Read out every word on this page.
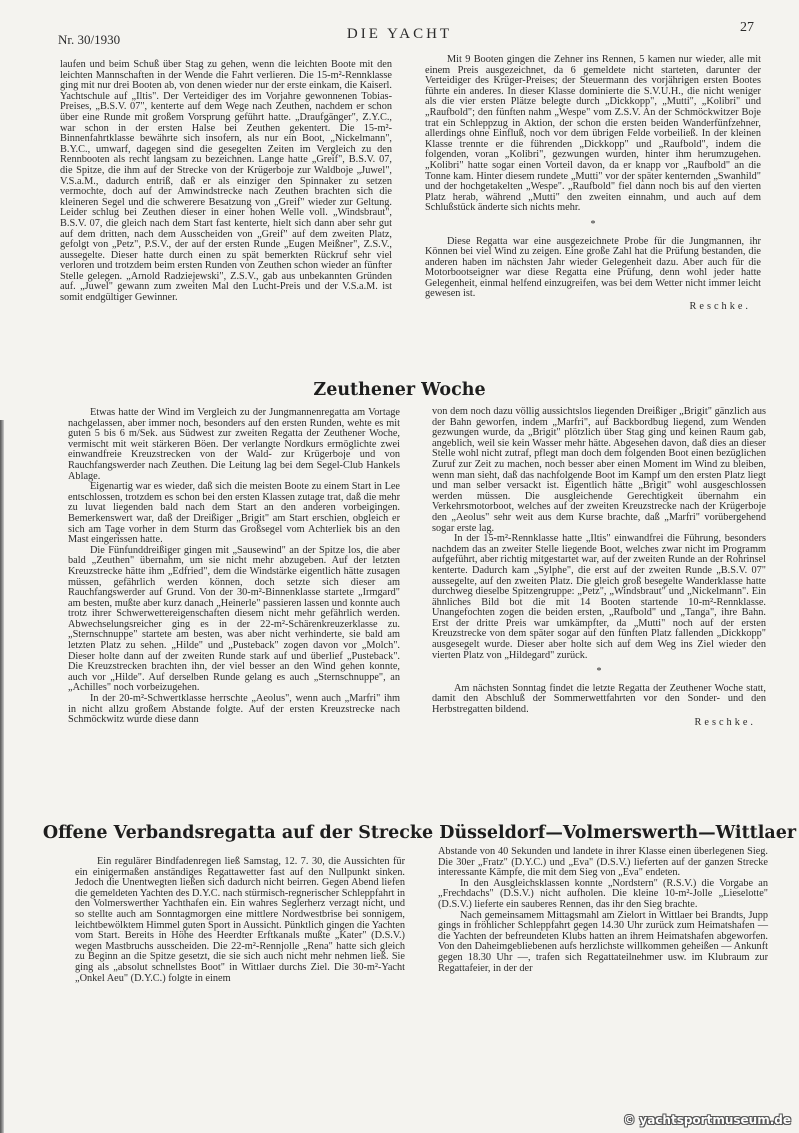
Nr. 30/1930	DIE YACHT	27

laufen und beim Schuß über Stag zu gehen, wenn die leichten Boote mit den leichten Mannschaften in der Wende die Fahrt verlieren. Die 15-m²-Rennklasse ging mit nur drei Booten ab, von denen wieder nur der erste einkam, die Kaiserl. Yachtschule auf „Iltis". Der Verteidiger des im Vorjahre gewonnenen Tobias-Preises, „B.S.V. 07", kenterte auf dem Wege nach Zeuthen, nachdem er schon über eine Runde mit großem Vorsprung geführt hatte. „Draufgänger", Z.Y.C., war schon in der ersten Halse bei Zeuthen gekentert. Die 15-m²-Binnenfahrtklasse bewährte sich insofern, als nur ein Boot, „Nickelmann", B.Y.C., umwarf, dagegen sind die gesegelten Zeiten im Vergleich zu den Rennbooten als recht langsam zu bezeichnen. Lange hatte „Greif", B.S.V. 07, die Spitze, die ihm auf der Strecke von der Krügerboje zur Waldboje „Juwel", V.S.a.M., dadurch entriß, daß er als einziger den Spinnaker zu setzen vermochte, doch auf der Amwindstrecke nach Zeuthen brachten sich die kleineren Segel und die schwerere Besatzung von „Greif" wieder zur Geltung. Leider schlug bei Zeuthen dieser in einer hohen Welle voll. „Windsbraut", B.S.V. 07, die gleich nach dem Start fast kenterte, hielt sich dann aber sehr gut auf dem dritten, nach dem Ausscheiden von „Greif" auf dem zweiten Platz, gefolgt von „Petz", P.S.V., der auf der ersten Runde „Eugen Meißner", Z.S.V., aussegelte. Dieser hatte durch einen zu spät bemerkten Rückruf sehr viel verloren und trotzdem beim ersten Runden von Zeuthen schon wieder an fünfter Stelle gelegen. „Arnold Radziejewski", Z.S.V., gab aus unbekannten Gründen auf. „Juwel" gewann zum zweiten Mal den Lucht-Preis und der V.S.a.M. ist somit endgültiger Gewinner.

Mit 9 Booten gingen die Zehner ins Rennen, 5 kamen nur wieder, alle mit einem Preis ausgezeichnet, da 6 gemeldete nicht starteten, darunter der Verteidiger des Krüger-Preises; der Steuermann des vorjährigen ersten Bootes führte ein anderes. In dieser Klasse dominierte die S.V.U.H., die nicht weniger als die vier ersten Plätze belegte durch „Dickkopp", „Mutti", „Kolibri" und „Raufbold"; den fünften nahm „Wespe" vom Z.S.V. An der Schmöckwitzer Boje trat ein Schleppzug in Aktion, der schon die ersten beiden Wanderfünfzehner, allerdings ohne Einfluß, noch vor dem übrigen Felde vorbeiließ. In der kleinen Klasse trennte er die führenden „Dickkopp" und „Raufbold", indem die folgenden, voran „Kolibri", gezwungen wurden, hinter ihm herumzugehen. „Kolibri" hatte sogar einen Vorteil davon, da er knapp vor „Raufbold" an die Tonne kam. Hinter diesem rundete „Mutti" vor der später kenternden „Swanhild" und der hochgetakelten „Wespe". „Raufbold" fiel dann noch bis auf den vierten Platz herab, während „Mutti" den zweiten einnahm, und auch auf dem Schlußstück änderte sich nichts mehr.

*

Diese Regatta war eine ausgezeichnete Probe für die Jungmannen, ihr Können bei viel Wind zu zeigen. Eine große Zahl hat die Prüfung bestanden, die anderen haben im nächsten Jahr wieder Gelegenheit dazu. Aber auch für die Motorbootseigner war diese Regatta eine Prüfung, denn wohl jeder hatte Gelegenheit, einmal helfend einzugreifen, was bei dem Wetter nicht immer leicht gewesen ist.

Reschke.
Zeuthener Woche

Etwas hatte der Wind im Vergleich zu der Jungmannenregatta am Vortage nachgelassen, aber immer noch, besonders auf den ersten Runden, wehte es mit guten 5 bis 6 m/Sek. aus Südwest zur zweiten Regatta der Zeuthener Woche, vermischt mit weit stärkeren Böen. Der verlangte Nordkurs ermöglichte zwei einwandfreie Kreuzstrecken von der Wald- zur Krügerboje und von Rauchfangswerder nach Zeuthen. Die Leitung lag bei dem Segel-Club Hankels Ablage.

Eigenartig war es wieder, daß sich die meisten Boote zu einem Start in Lee entschlossen, trotzdem es schon bei den ersten Klassen zutage trat, daß die mehr zu luvat liegenden bald nach dem Start an den anderen vorbeigingen. Bemerkenswert war, daß der Dreißiger „Brigit" am Start erschien, obgleich er sich am Tage vorher in dem Sturm das Großsegel vom Achterliek bis an den Mast eingerissen hatte.

Die Fünfunddreißiger gingen mit „Sausewind" an der Spitze los, die aber bald „Zeuthen" übernahm, um sie nicht mehr abzugeben. Auf der letzten Kreuzstrecke hätte ihm „Edfried", dem die Windstärke eigentlich hätte zusagen müssen, gefährlich werden können, doch setzte sich dieser am Rauchfangswerder auf Grund. Von der 30-m²-Binnenklasse startete „Irmgard" am besten, mußte aber kurz danach „Heinerle" passieren lassen und konnte auch trotz ihrer Schwerwettereigenschaften diesem nicht mehr gefährlich werden. Abwechselungsreicher ging es in der 22-m²-Schärenkreuzerklasse zu. „Sternschnuppe" startete am besten, was aber nicht verhinderte, sie bald am letzten Platz zu sehen. „Hilde" und „Pusteback" zogen davon vor „Molch". Dieser holte dann auf der zweiten Runde stark auf und überlief „Pusteback". Die Kreuzstrecken brachten ihn, der viel besser an den Wind gehen konnte, auch vor „Hilde". Auf derselben Runde gelang es auch „Sternschnuppe", an „Achilles" noch vorbeizugehen.

In der 20-m²-Schwertklasse herrschte „Aeolus", wenn auch „Marfri" ihm in nicht allzu großem Abstande folgte. Auf der ersten Kreuzstrecke nach Schmöckwitz wurde diese dann

von dem noch dazu völlig aussichtslos liegenden Dreißiger „Brigit" gänzlich aus der Bahn geworfen, indem „Marfri", auf Backbordbug liegend, zum Wenden gezwungen wurde, da „Brigit" plötzlich über Stag ging und keinen Raum gab, angeblich, weil sie kein Wasser mehr hätte. Abgesehen davon, daß dies an dieser Stelle wohl nicht zutraf, pflegt man doch dem folgenden Boot einen bezüglichen Zuruf zur Zeit zu machen, noch besser aber einen Moment im Wind zu bleiben, wenn man sieht, daß das nachfolgende Boot im Kampf um den ersten Platz liegt und man selber versackt ist. Eigentlich hätte „Brigit" wohl ausgeschlossen werden müssen. Die ausgleichende Gerechtigkeit übernahm ein Verkehrsmotorboot, welches auf der zweiten Kreuzstrecke nach der Krügerboje den „Aeolus" sehr weit aus dem Kurse brachte, daß „Marfri" vorübergehend sogar erste lag.

In der 15-m²-Rennklasse hatte „Iltis" einwandfrei die Führung, besonders nachdem das an zweiter Stelle liegende Boot, welches zwar nicht im Programm aufgeführt, aber richtig mitgestartet war, auf der zweiten Runde an der Rohrinsel kenterte. Dadurch kam „Sylphe", die erst auf der zweiten Runde „B.S.V. 07" aussegelte, auf den zweiten Platz. Die gleich groß besegelte Wanderklasse hatte durchweg dieselbe Spitzengruppe: „Petz", „Windsbraut" und „Nickelmann". Ein ähnliches Bild bot die mit 14 Booten startende 10-m²-Rennklasse. Unangefochten zogen die beiden ersten, „Raufbold" und „Tanga", ihre Bahn. Erst der dritte Preis war umkämpfter, da „Mutti" noch auf der ersten Kreuzstrecke von dem später sogar auf den fünften Platz fallenden „Dickkopp" ausgesegelt wurde. Dieser aber holte sich auf dem Weg ins Ziel wieder den vierten Platz von „Hildegard" zurück.

*

Am nächsten Sonntag findet die letzte Regatta der Zeuthener Woche statt, damit den Abschluß der Sommerwettfahrten vor den Sonder- und den Herbstregatten bildend.

Reschke.
Offene Verbandsregatta auf der Strecke Düsseldorf—Volmerswerth—Wittlaer

Ein regulärer Bindfadenregen ließ Samstag, 12. 7. 30, die Aussichten für ein einigermaßen anständiges Regattawetter fast auf den Nullpunkt sinken. Jedoch die Unentwegten ließen sich dadurch nicht beirren. Gegen Abend liefen die gemeldeten Yachten des D.Y.C. nach stürmisch-regnerischer Schleppfahrt in den Volmerswerther Yachthafen ein. Ein wahres Seglerherz verzagt nicht, und so stellte auch am Sonntagmorgen eine mittlere Nordwestbrise bei sonnigem, leichtbewölktem Himmel guten Sport in Aussicht. Pünktlich gingen die Yachten vom Start. Bereits in Höhe des Heerdter Erftkanals mußte „Kater" (D.S.V.) wegen Mastbruchs ausscheiden. Die 22-m²-Rennjolle „Rena" hatte sich gleich zu Beginn an die Spitze gesetzt, die sie sich auch nicht mehr nehmen ließ. Sie ging als „absolut schnellstes Boot" in Wittlaer durchs Ziel. Die 30-m²-Yacht „Onkel Aeu" (D.Y.C.) folgte in einem

Abstande von 40 Sekunden und landete in ihrer Klasse einen überlegenen Sieg. Die 30er „Fratz" (D.Y.C.) und „Eva" (D.S.V.) lieferten auf der ganzen Strecke interessante Kämpfe, die mit dem Sieg von „Eva" endeten.

In den Ausgleichsklassen konnte „Nordstern" (R.S.V.) die Vorgabe an „Frechdachs" (D.S.V.) nicht aufholen. Die kleine 10-m²-Jolle „Lieselotte" (D.S.V.) lieferte ein sauberes Rennen, das ihr den Sieg brachte.

Nach gemeinsamem Mittagsmahl am Zielort in Wittlaer bei Brandts, Jupp gings in fröhlicher Schleppfahrt gegen 14.30 Uhr zurück zum Heimatshafen — die Yachten der befreundeten Klubs hatten an ihrem Heimatshafen abgeworfen. Von den Daheimgebliebenen aufs herzlichste willkommen geheißen — Ankunft gegen 18.30 Uhr —, trafen sich Regattateilnehmer usw. im Klubraum zur Regattafeier, in der der

© yachtsportmuseum.de
